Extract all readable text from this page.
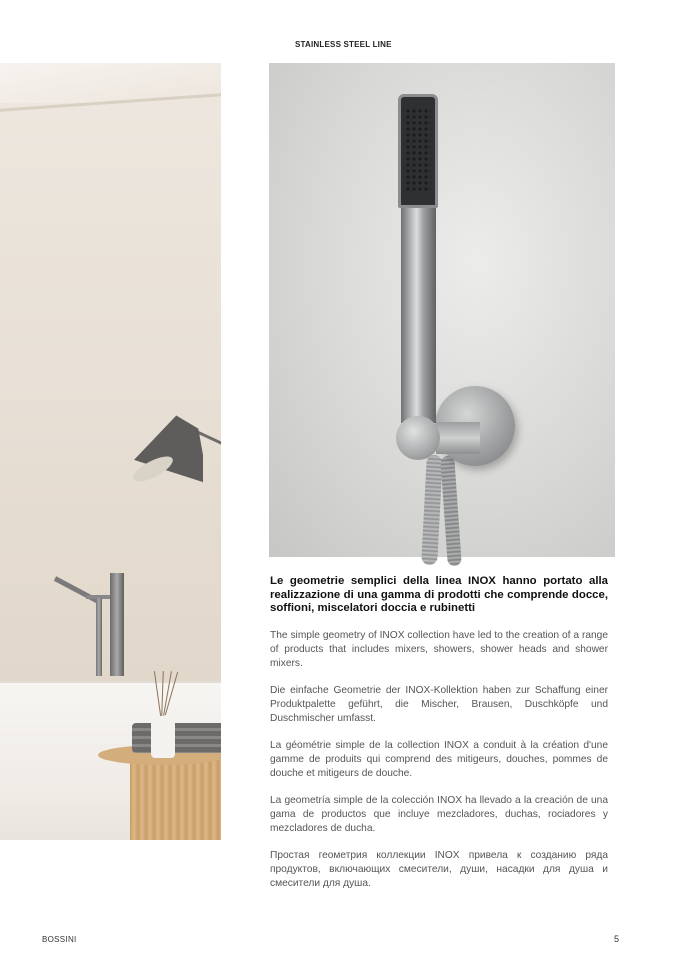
STAINLESS STEEL LINE

Le geometrie semplici della linea INOX hanno portato alla realizzazione di una gamma di prodotti che comprende docce, soffioni, miscelatori doccia e rubinetti

The simple geometry of INOX collection have led to the creation of a range of products that includes mixers, showers, shower heads and shower mixers.

Die einfache Geometrie der INOX-Kollektion haben zur Schaffung einer Produktpalette geführt, die Mischer, Brausen, Duschköpfe und Duschmischer umfasst.

La géométrie simple de la collection INOX a conduit à la création d'une gamme de produits qui comprend des mitigeurs, douches, pommes de douche et mitigeurs de douche.

La geometría simple de la colección INOX ha llevado a la creación de una gama de productos que incluye mezcladores, duchas, rociadores y mezcladores de ducha.

Простая геометрия коллекции INOX привела к созданию ряда продуктов, включающих смесители, души, насадки для душа и смесители для душа.

BOSSINI	5
